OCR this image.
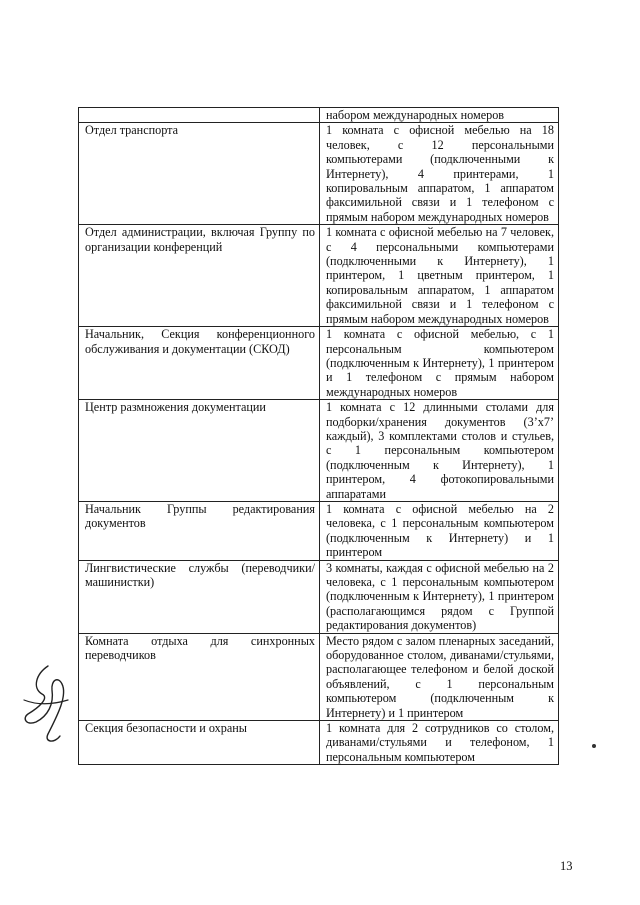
	набором международных номеров
Отдел транспорта	1 комната с офисной мебелью на 18 человек, с 12 персональными компьютерами (подключенными к Интернету), 4 принтерами, 1 копировальным аппаратом, 1 аппаратом факсимильной связи и 1 телефоном с прямым набором международных номеров
Отдел администрации, включая Группу по организации конференций	1 комната с офисной мебелью на 7 человек, с 4 персональными компьютерами (подключенными к Интернету), 1 принтером, 1 цветным принтером, 1 копировальным аппаратом, 1 аппаратом факсимильной связи и 1 телефоном с прямым набором международных номеров
Начальник, Секция конференционного обслуживания и документации (СКОД)	1 комната с офисной мебелью, с 1 персональным компьютером (подключенным к Интернету), 1 принтером и 1 телефоном с прямым набором международных номеров
Центр размножения документации	1 комната с 12 длинными столами для подборки/хранения документов (3’x7’ каждый), 3 комплектами столов и стульев, с 1 персональным компьютером (подключенным к Интернету), 1 принтером, 4 фотокопировальными аппаратами
Начальник Группы редактирования документов	1 комната с офисной мебелью на 2 человека, с 1 персональным компьютером (подключенным к Интернету) и 1 принтером
Лингвистические службы (переводчики/машинистки)	3 комнаты, каждая с офисной мебелью на 2 человека, с 1 персональным компьютером (подключенным к Интернету), 1 принтером (располагающимся рядом с Группой редактирования документов)
Комната отдыха для синхронных переводчиков	Место рядом с залом пленарных заседаний, оборудованное столом, диванами/стульями, располагающее телефоном и белой доской объявлений, с 1 персональным компьютером (подключенным к Интернету) и 1 принтером
Секция безопасности и охраны	1 комната для 2 сотрудников со столом, диванами/стульями и телефоном, 1 персональным компьютером
13
